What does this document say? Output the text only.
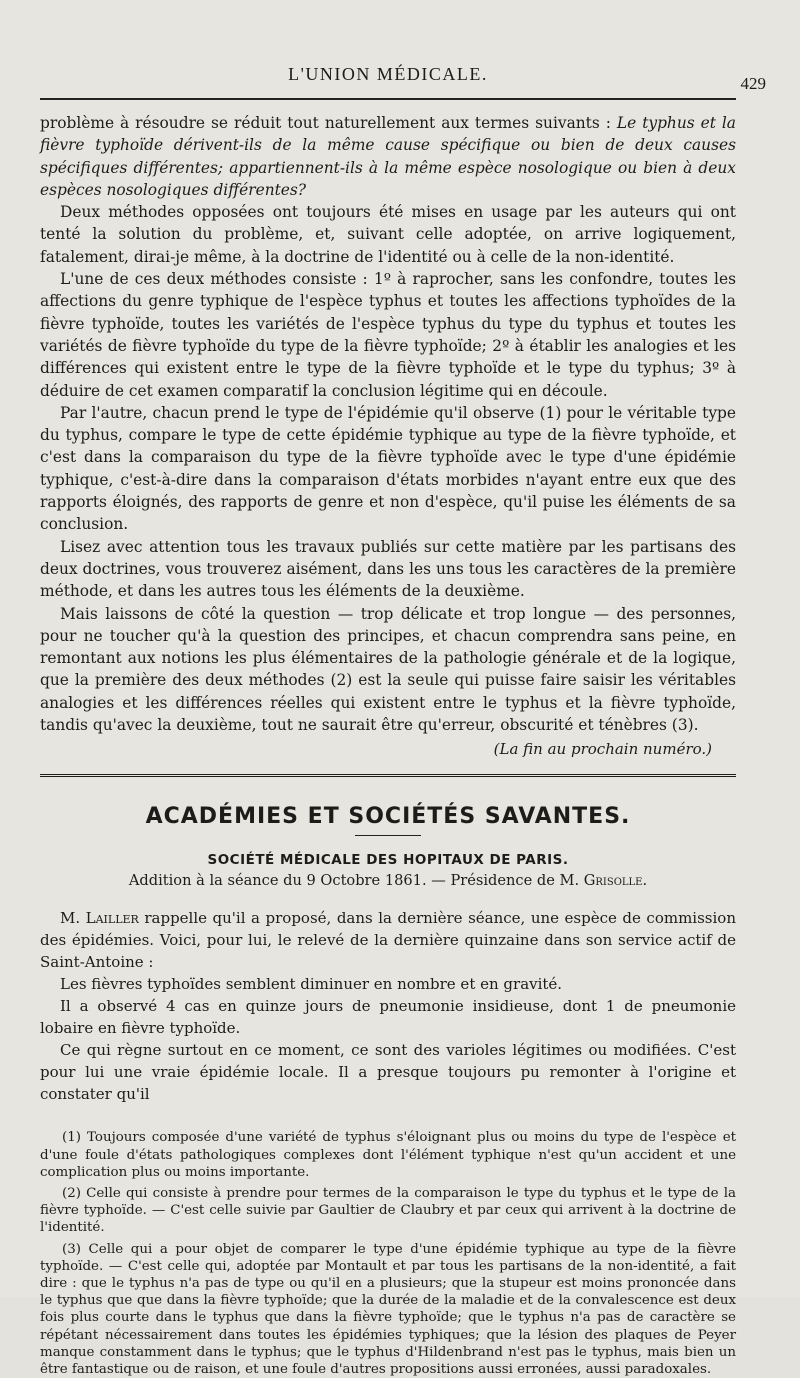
L'UNION MÉDICALE.	429

problème à résoudre se réduit tout naturellement aux termes suivants : Le typhus et la fièvre typhoïde dérivent-ils de la même cause spécifique ou bien de deux causes spécifiques différentes; appartiennent-ils à la même espèce nosologique ou bien à deux espèces nosologiques différentes?

Deux méthodes opposées ont toujours été mises en usage par les auteurs qui ont tenté la solution du problème, et, suivant celle adoptée, on arrive logiquement, fatalement, dirai-je même, à la doctrine de l'identité ou à celle de la non-identité.

L'une de ces deux méthodes consiste : 1º à raprocher, sans les confondre, toutes les affections du genre typhique de l'espèce typhus et toutes les affections typhoïdes de la fièvre typhoïde, toutes les variétés de l'espèce typhus du type du typhus et toutes les variétés de fièvre typhoïde du type de la fièvre typhoïde; 2º à établir les analogies et les différences qui existent entre le type de la fièvre typhoïde et le type du typhus; 3º à déduire de cet examen comparatif la conclusion légitime qui en découle.

Par l'autre, chacun prend le type de l'épidémie qu'il observe (1) pour le véritable type du typhus, compare le type de cette épidémie typhique au type de la fièvre typhoïde, et c'est dans la comparaison du type de la fièvre typhoïde avec le type d'une épidémie typhique, c'est-à-dire dans la comparaison d'états morbides n'ayant entre eux que des rapports éloignés, des rapports de genre et non d'espèce, qu'il puise les éléments de sa conclusion.

Lisez avec attention tous les travaux publiés sur cette matière par les partisans des deux doctrines, vous trouverez aisément, dans les uns tous les caractères de la première méthode, et dans les autres tous les éléments de la deuxième.

Mais laissons de côté la question — trop délicate et trop longue — des personnes, pour ne toucher qu'à la question des principes, et chacun comprendra sans peine, en remontant aux notions les plus élémentaires de la pathologie générale et de la logique, que la première des deux méthodes (2) est la seule qui puisse faire saisir les véritables analogies et les différences réelles qui existent entre le typhus et la fièvre typhoïde, tandis qu'avec la deuxième, tout ne saurait être qu'erreur, obscurité et ténèbres (3).

(La fin au prochain numéro.)
ACADÉMIES ET SOCIÉTÉS SAVANTES.
SOCIÉTÉ MÉDICALE DES HOPITAUX DE PARIS.
Addition à la séance du 9 Octobre 1861. — Présidence de M. Grisolle.

M. Lailler rappelle qu'il a proposé, dans la dernière séance, une espèce de commission des épidémies. Voici, pour lui, le relevé de la dernière quinzaine dans son service actif de Saint-Antoine :

Les fièvres typhoïdes semblent diminuer en nombre et en gravité.

Il a observé 4 cas en quinze jours de pneumonie insidieuse, dont 1 de pneumonie lobaire en fièvre typhoïde.

Ce qui règne surtout en ce moment, ce sont des varioles légitimes ou modifiées. C'est pour lui une vraie épidémie locale. Il a presque toujours pu remonter à l'origine et constater qu'il

(1) Toujours composée d'une variété de typhus s'éloignant plus ou moins du type de l'espèce et d'une foule d'états pathologiques complexes dont l'élément typhique n'est qu'un accident et une complication plus ou moins importante.

(2) Celle qui consiste à prendre pour termes de la comparaison le type du typhus et le type de la fièvre typhoïde. — C'est celle suivie par Gaultier de Claubry et par ceux qui arrivent à la doctrine de l'identité.

(3) Celle qui a pour objet de comparer le type d'une épidémie typhique au type de la fièvre typhoïde. — C'est celle qui, adoptée par Montault et par tous les partisans de la non-identité, a fait dire : que le typhus n'a pas de type ou qu'il en a plusieurs; que la stupeur est moins prononcée dans le typhus que que dans la fièvre typhoïde; que la durée de la maladie et de la convalescence est deux fois plus courte dans le typhus que dans la fièvre typhoïde; que le typhus n'a pas de caractère se répétant nécessairement dans toutes les épidémies typhiques; que la lésion des plaques de Peyer manque constamment dans le typhus; que le typhus d'Hildenbrand n'est pas le typhus, mais bien un être fantastique ou de raison, et une foule d'autres propositions aussi erronées, aussi paradoxales.
